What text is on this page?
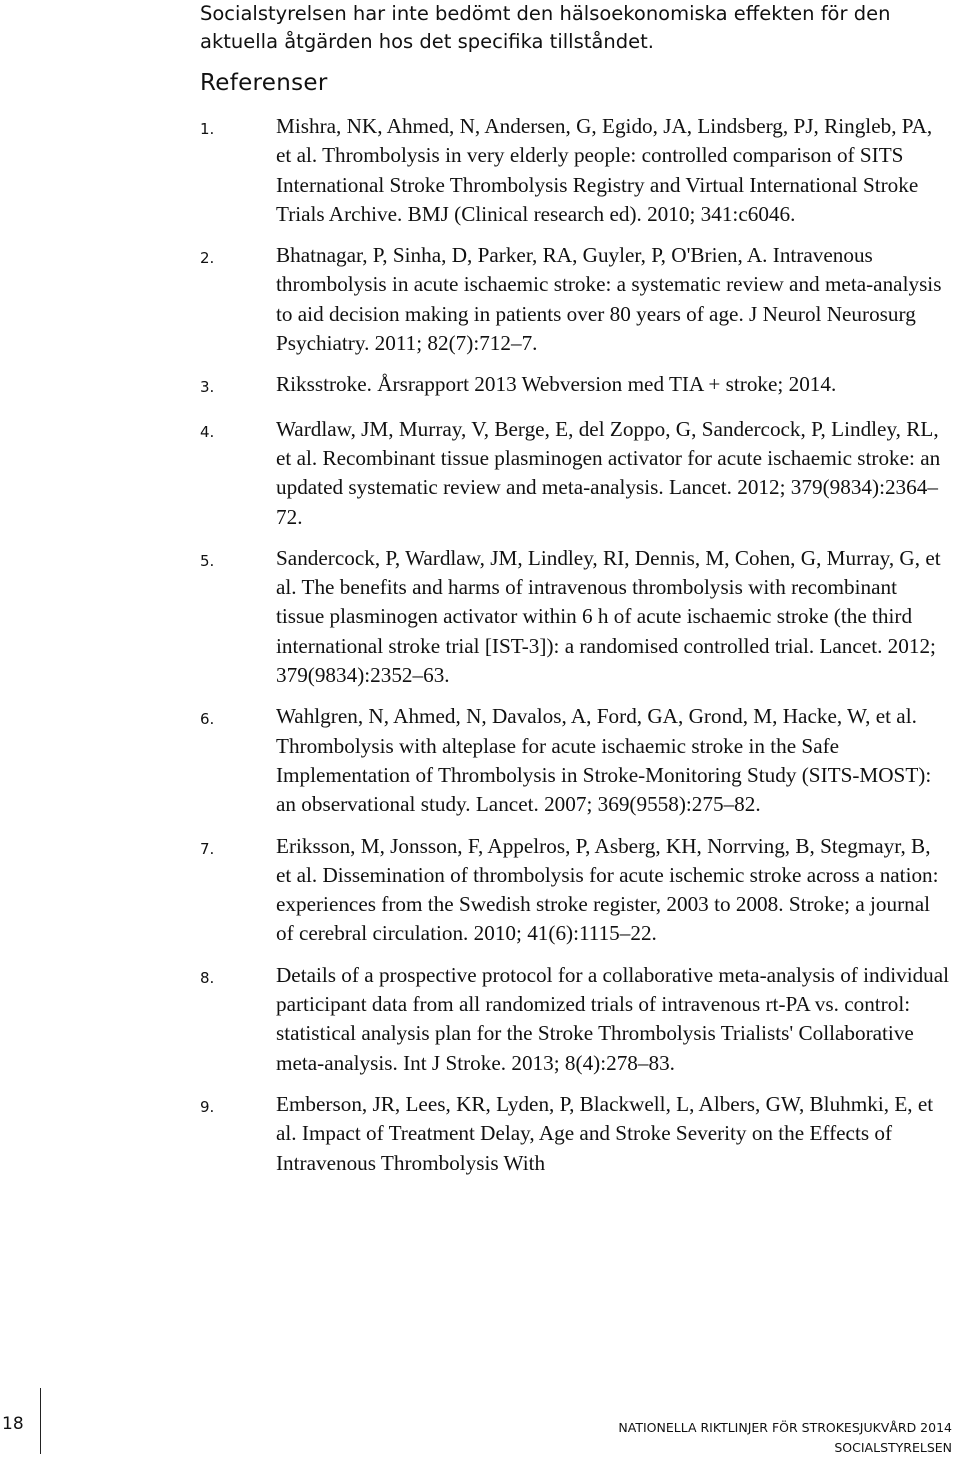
Socialstyrelsen har inte bedömt den hälsoekonomiska effekten för den aktuella åtgärden hos det specifika tillståndet.

Referenser
1.	Mishra, NK, Ahmed, N, Andersen, G, Egido, JA, Lindsberg, PJ, Ringleb, PA, et al. Thrombolysis in very elderly people: controlled comparison of SITS International Stroke Thrombolysis Registry and Virtual International Stroke Trials Archive. BMJ (Clinical research ed). 2010; 341:c6046.
2.	Bhatnagar, P, Sinha, D, Parker, RA, Guyler, P, O'Brien, A. Intravenous thrombolysis in acute ischaemic stroke: a systematic review and meta-analysis to aid decision making in patients over 80 years of age. J Neurol Neurosurg Psychiatry. 2011; 82(7):712–7.
3.	Riksstroke. Årsrapport 2013 Webversion med TIA + stroke; 2014.
4.	Wardlaw, JM, Murray, V, Berge, E, del Zoppo, G, Sandercock, P, Lindley, RL, et al. Recombinant tissue plasminogen activator for acute ischaemic stroke: an updated systematic review and meta-analysis. Lancet. 2012; 379(9834):2364–72.
5.	Sandercock, P, Wardlaw, JM, Lindley, RI, Dennis, M, Cohen, G, Murray, G, et al. The benefits and harms of intravenous thrombolysis with recombinant tissue plasminogen activator within 6 h of acute ischaemic stroke (the third international stroke trial [IST-3]): a randomised controlled trial. Lancet. 2012; 379(9834):2352–63.
6.	Wahlgren, N, Ahmed, N, Davalos, A, Ford, GA, Grond, M, Hacke, W, et al. Thrombolysis with alteplase for acute ischaemic stroke in the Safe Implementation of Thrombolysis in Stroke-Monitoring Study (SITS-MOST): an observational study. Lancet. 2007; 369(9558):275–82.
7.	Eriksson, M, Jonsson, F, Appelros, P, Asberg, KH, Norrving, B, Stegmayr, B, et al. Dissemination of thrombolysis for acute ischemic stroke across a nation: experiences from the Swedish stroke register, 2003 to 2008. Stroke; a journal of cerebral circulation. 2010; 41(6):1115–22.
8.	Details of a prospective protocol for a collaborative meta-analysis of individual participant data from all randomized trials of intravenous rt-PA vs. control: statistical analysis plan for the Stroke Thrombolysis Trialists' Collaborative meta-analysis. Int J Stroke. 2013; 8(4):278–83.
9.	Emberson, JR, Lees, KR, Lyden, P, Blackwell, L, Albers, GW, Bluhmki, E, et al. Impact of Treatment Delay, Age and Stroke Severity on the Effects of Intravenous Thrombolysis With
18	NATIONELLA RIKTLINJER FÖR STROKESJUKVÅRD 2014
SOCIALSTYRELSEN
